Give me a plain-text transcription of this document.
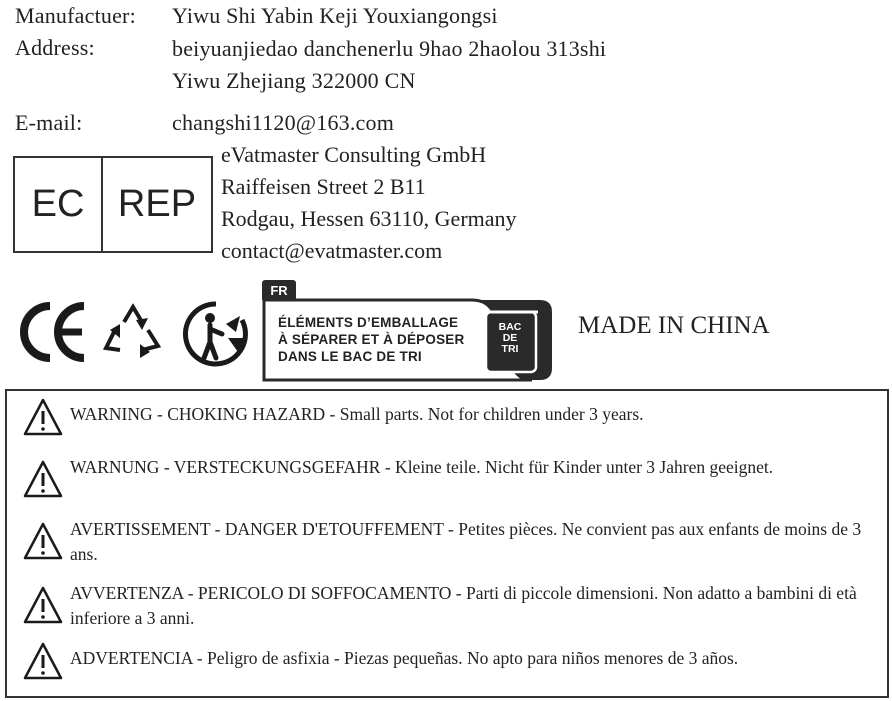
Manufactuer: Yiwu Shi Yabin Keji Youxiangongsi
Address:	beiyuanjiedao danchenerlu 9hao 2haolou 313shi
Yiwu Zhejiang 322000 CN
E-mail:	changshi1120@163.com
EC REP
eVatmaster Consulting GmbH
Raiffeisen Street 2 B11
Rodgau, Hessen 63110, Germany
contact@evatmaster.com
FR
ÉLÉMENTS D’EMBALLAGE
À SÉPARER ET À DÉPOSER
DANS LE BAC DE TRI
BAC
DE
TRI
MADE IN CHINA
WARNING - CHOKING HAZARD - Small parts. Not for children under 3 years.
WARNUNG - VERSTECKUNGSGEFAHR - Kleine teile. Nicht für Kinder unter 3 Jahren geeignet.
AVERTISSEMENT - DANGER D'ETOUFFEMENT - Petites pièces. Ne convient pas aux enfants de moins de 3 ans.
AVVERTENZA - PERICOLO DI SOFFOCAMENTO - Parti di piccole dimensioni. Non adatto a bambini di età inferiore a 3 anni.
ADVERTENCIA - Peligro de asfixia - Piezas pequeñas. No apto para niños menores de 3 años.
